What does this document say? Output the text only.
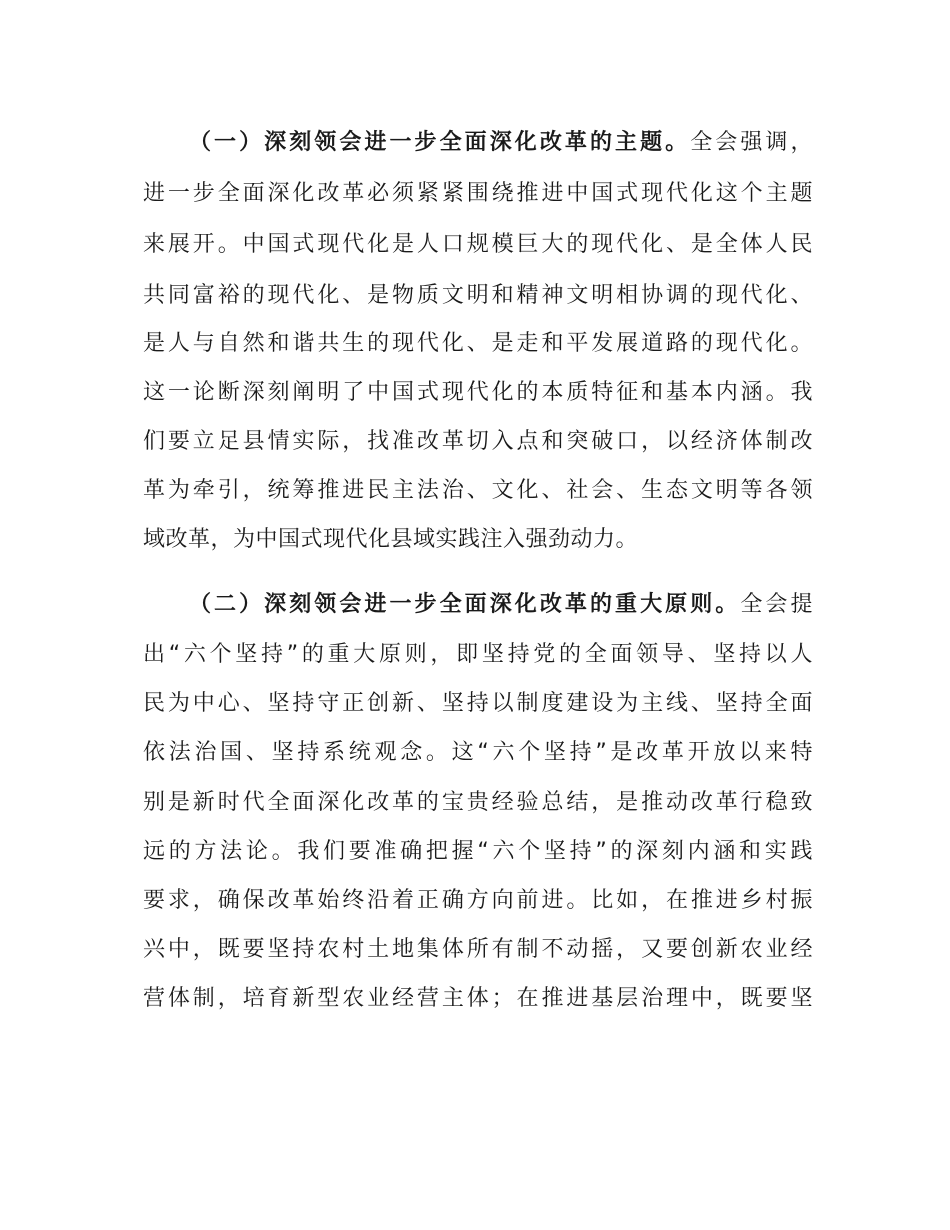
（一）深刻领会进一步全面深化改革的主题。全会强调，
进一步全面深化改革必须紧紧围绕推进中国式现代化这个主题
来展开。中国式现代化是人口规模巨大的现代化、是全体人民
共同富裕的现代化、是物质文明和精神文明相协调的现代化、
是人与自然和谐共生的现代化、是走和平发展道路的现代化。
这一论断深刻阐明了中国式现代化的本质特征和基本内涵。我
们要立足县情实际，找准改革切入点和突破口，以经济体制改
革为牵引，统筹推进民主法治、文化、社会、生态文明等各领
域改革，为中国式现代化县域实践注入强劲动力。
（二）深刻领会进一步全面深化改革的重大原则。全会提
出“六个坚持”的重大原则，即坚持党的全面领导、坚持以人
民为中心、坚持守正创新、坚持以制度建设为主线、坚持全面
依法治国、坚持系统观念。这“六个坚持”是改革开放以来特
别是新时代全面深化改革的宝贵经验总结，是推动改革行稳致
远的方法论。我们要准确把握“六个坚持”的深刻内涵和实践
要求，确保改革始终沿着正确方向前进。比如，在推进乡村振
兴中，既要坚持农村土地集体所有制不动摇，又要创新农业经
营体制，培育新型农业经营主体；在推进基层治理中，既要坚
